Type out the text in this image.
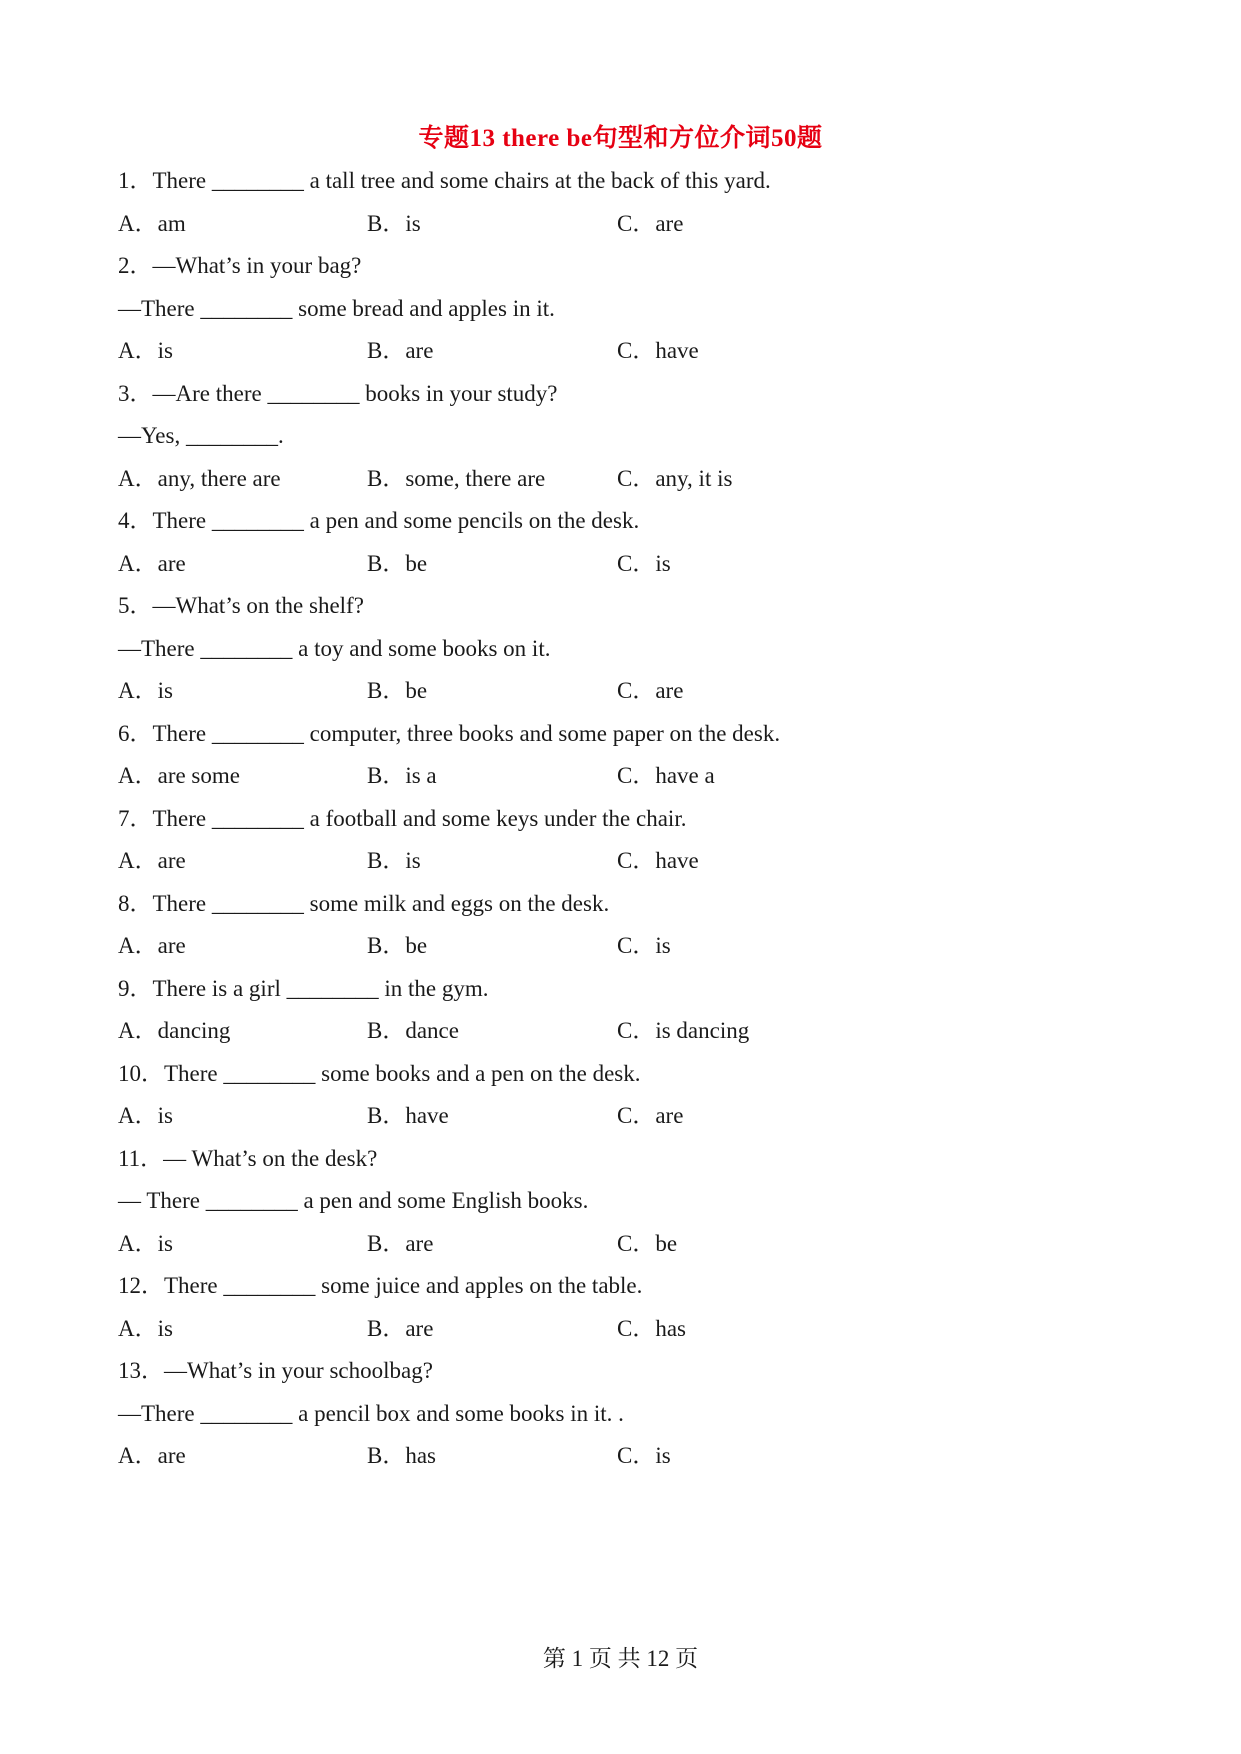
专题13 there be句型和方位介词50题
1．There ________ a tall tree and some chairs at the back of this yard.
A．am	B．is	C．are
2．—What’s in your bag?
—There ________ some bread and apples in it.
A．is	B．are	C．have
3．—Are there ________ books in your study?
—Yes, ________.
A．any, there are	B．some, there are	C．any, it is
4．There ________ a pen and some pencils on the desk.
A．are	B．be	C．is
5．—What’s on the shelf?
—There ________ a toy and some books on it.
A．is	B．be	C．are
6．There ________ computer, three books and some paper on the desk.
A．are some	B．is a	C．have a
7．There ________ a football and some keys under the chair.
A．are	B．is	C．have
8．There ________ some milk and eggs on the desk.
A．are	B．be	C．is
9．There is a girl ________ in the gym.
A．dancing	B．dance	C．is dancing
10．There ________ some books and a pen on the desk.
A．is	B．have	C．are
11．— What’s on the desk?
— There ________ a pen and some English books.
A．is	B．are	C．be
12．There ________ some juice and apples on the table.
A．is	B．are	C．has
13．—What’s in your schoolbag?
—There ________ a pencil box and some books in it. .
A．are	B．has	C．is
第 1 页 共 12 页
